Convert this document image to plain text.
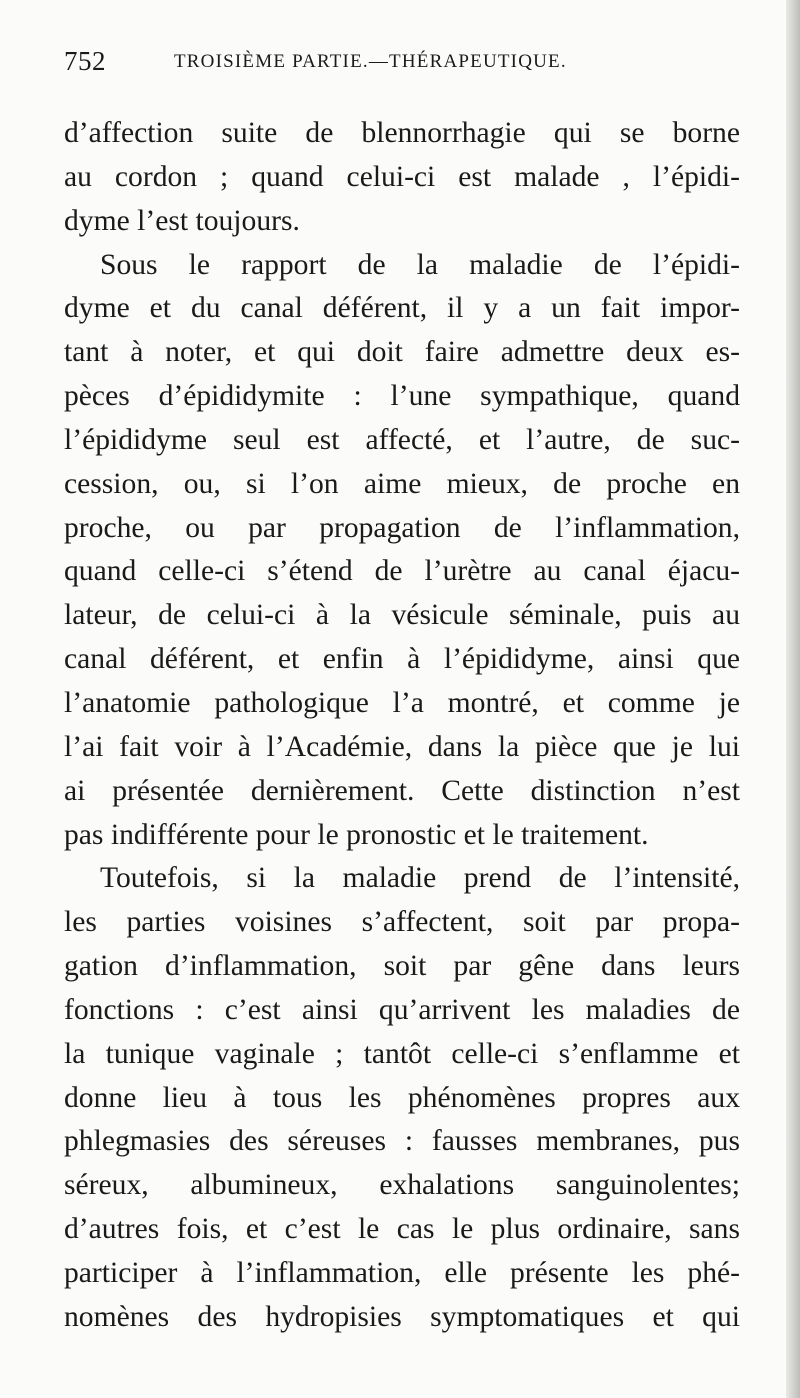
752	TROISIÈME PARTIE.—THÉRAPEUTIQUE.
d’affection suite de blennorrhagie qui se borne
au cordon ; quand celui-ci est malade , l’épidi-
dyme l’est toujours.
Sous le rapport de la maladie de l’épidi-
dyme et du canal déférent, il y a un fait impor-
tant à noter, et qui doit faire admettre deux es-
pèces d’épididymite : l’une sympathique, quand
l’épididyme seul est affecté, et l’autre, de suc-
cession, ou, si l’on aime mieux, de proche en
proche, ou par propagation de l’inflammation,
quand celle-ci s’étend de l’urètre au canal éjacu-
lateur, de celui-ci à la vésicule séminale, puis au
canal déférent, et enfin à l’épididyme, ainsi que
l’anatomie pathologique l’a montré, et comme je
l’ai fait voir à l’Académie, dans la pièce que je lui
ai présentée dernièrement. Cette distinction n’est
pas indifférente pour le pronostic et le traitement.
Toutefois, si la maladie prend de l’intensité,
les parties voisines s’affectent, soit par propa-
gation d’inflammation, soit par gêne dans leurs
fonctions : c’est ainsi qu’arrivent les maladies de
la tunique vaginale ; tantôt celle-ci s’enflamme et
donne lieu à tous les phénomènes propres aux
phlegmasies des séreuses : fausses membranes, pus
séreux, albumineux, exhalations sanguinolentes;
d’autres fois, et c’est le cas le plus ordinaire, sans
participer à l’inflammation, elle présente les phé-
nomènes des hydropisies symptomatiques et qui
